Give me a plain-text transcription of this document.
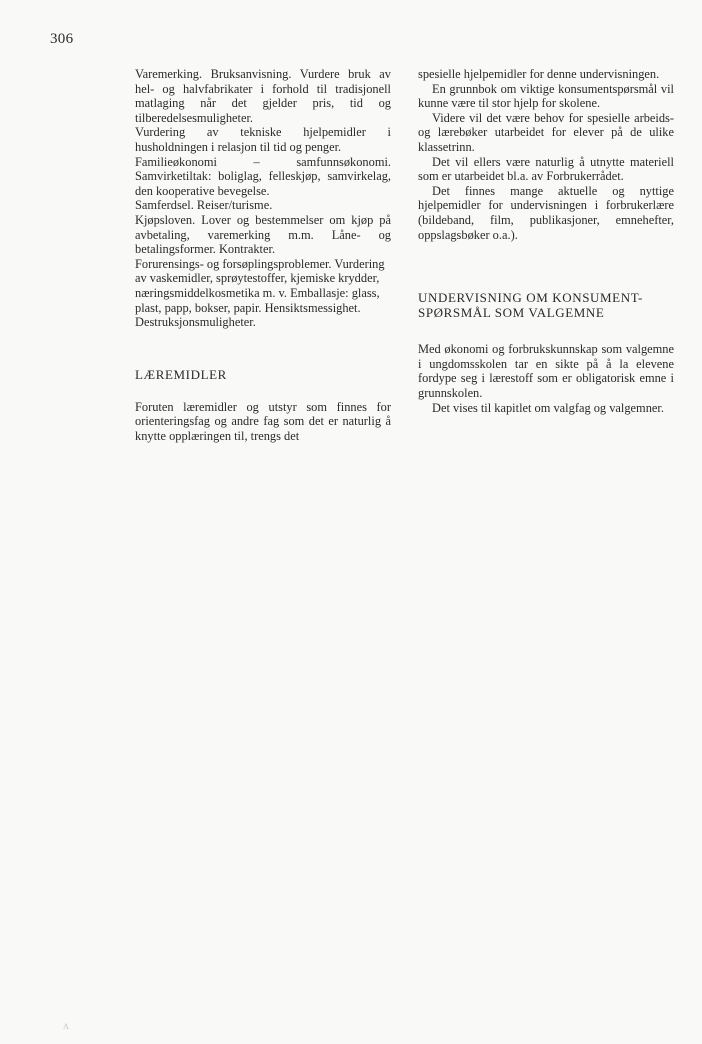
306

Varemerking. Bruksanvisning. Vurdere bruk av hel- og halvfabrikater i forhold til tradisjonell matlaging når det gjelder pris, tid og tilberedelsesmuligheter.

Vurdering av tekniske hjelpemidler i husholdningen i relasjon til tid og penger.

Familieøkonomi – samfunnsøkonomi. Samvirketiltak: boliglag, felleskjøp, samvirkelag, den kooperative bevegelse.

Samferdsel. Reiser/turisme.

Kjøpsloven. Lover og bestemmelser om kjøp på avbetaling, varemerking m.m. Låne- og betalingsformer. Kontrakter.

Forurensings- og forsøplingsproblemer. Vurdering av vaskemidler, sprøytestoffer, kjemiske krydder, næringsmiddelkosmetika m. v. Emballasje: glass, plast, papp, bokser, papir. Hensiktsmessighet. Destruksjonsmuligheter.

LÆREMIDLER

Foruten læremidler og utstyr som finnes for orienteringsfag og andre fag som det er naturlig å knytte opplæringen til, trengs det

spesielle hjelpemidler for denne undervisningen.

En grunnbok om viktige konsumentspørsmål vil kunne være til stor hjelp for skolene.

Videre vil det være behov for spesielle arbeids- og lærebøker utarbeidet for elever på de ulike klassetrinn.

Det vil ellers være naturlig å utnytte materiell som er utarbeidet bl.a. av Forbrukerrådet.

Det finnes mange aktuelle og nyttige hjelpemidler for undervisningen i forbrukerlære (bildeband, film, publikasjoner, emnehefter, oppslagsbøker o.a.).

UNDERVISNING OM KONSUMENT-
SPØRSMÅL SOM VALGEMNE

Med økonomi og forbrukskunnskap som valgemne i ungdomsskolen tar en sikte på å la elevene fordype seg i lærestoff som er obligatorisk emne i grunnskolen.

Det vises til kapitlet om valgfag og valgemner.

Λ
